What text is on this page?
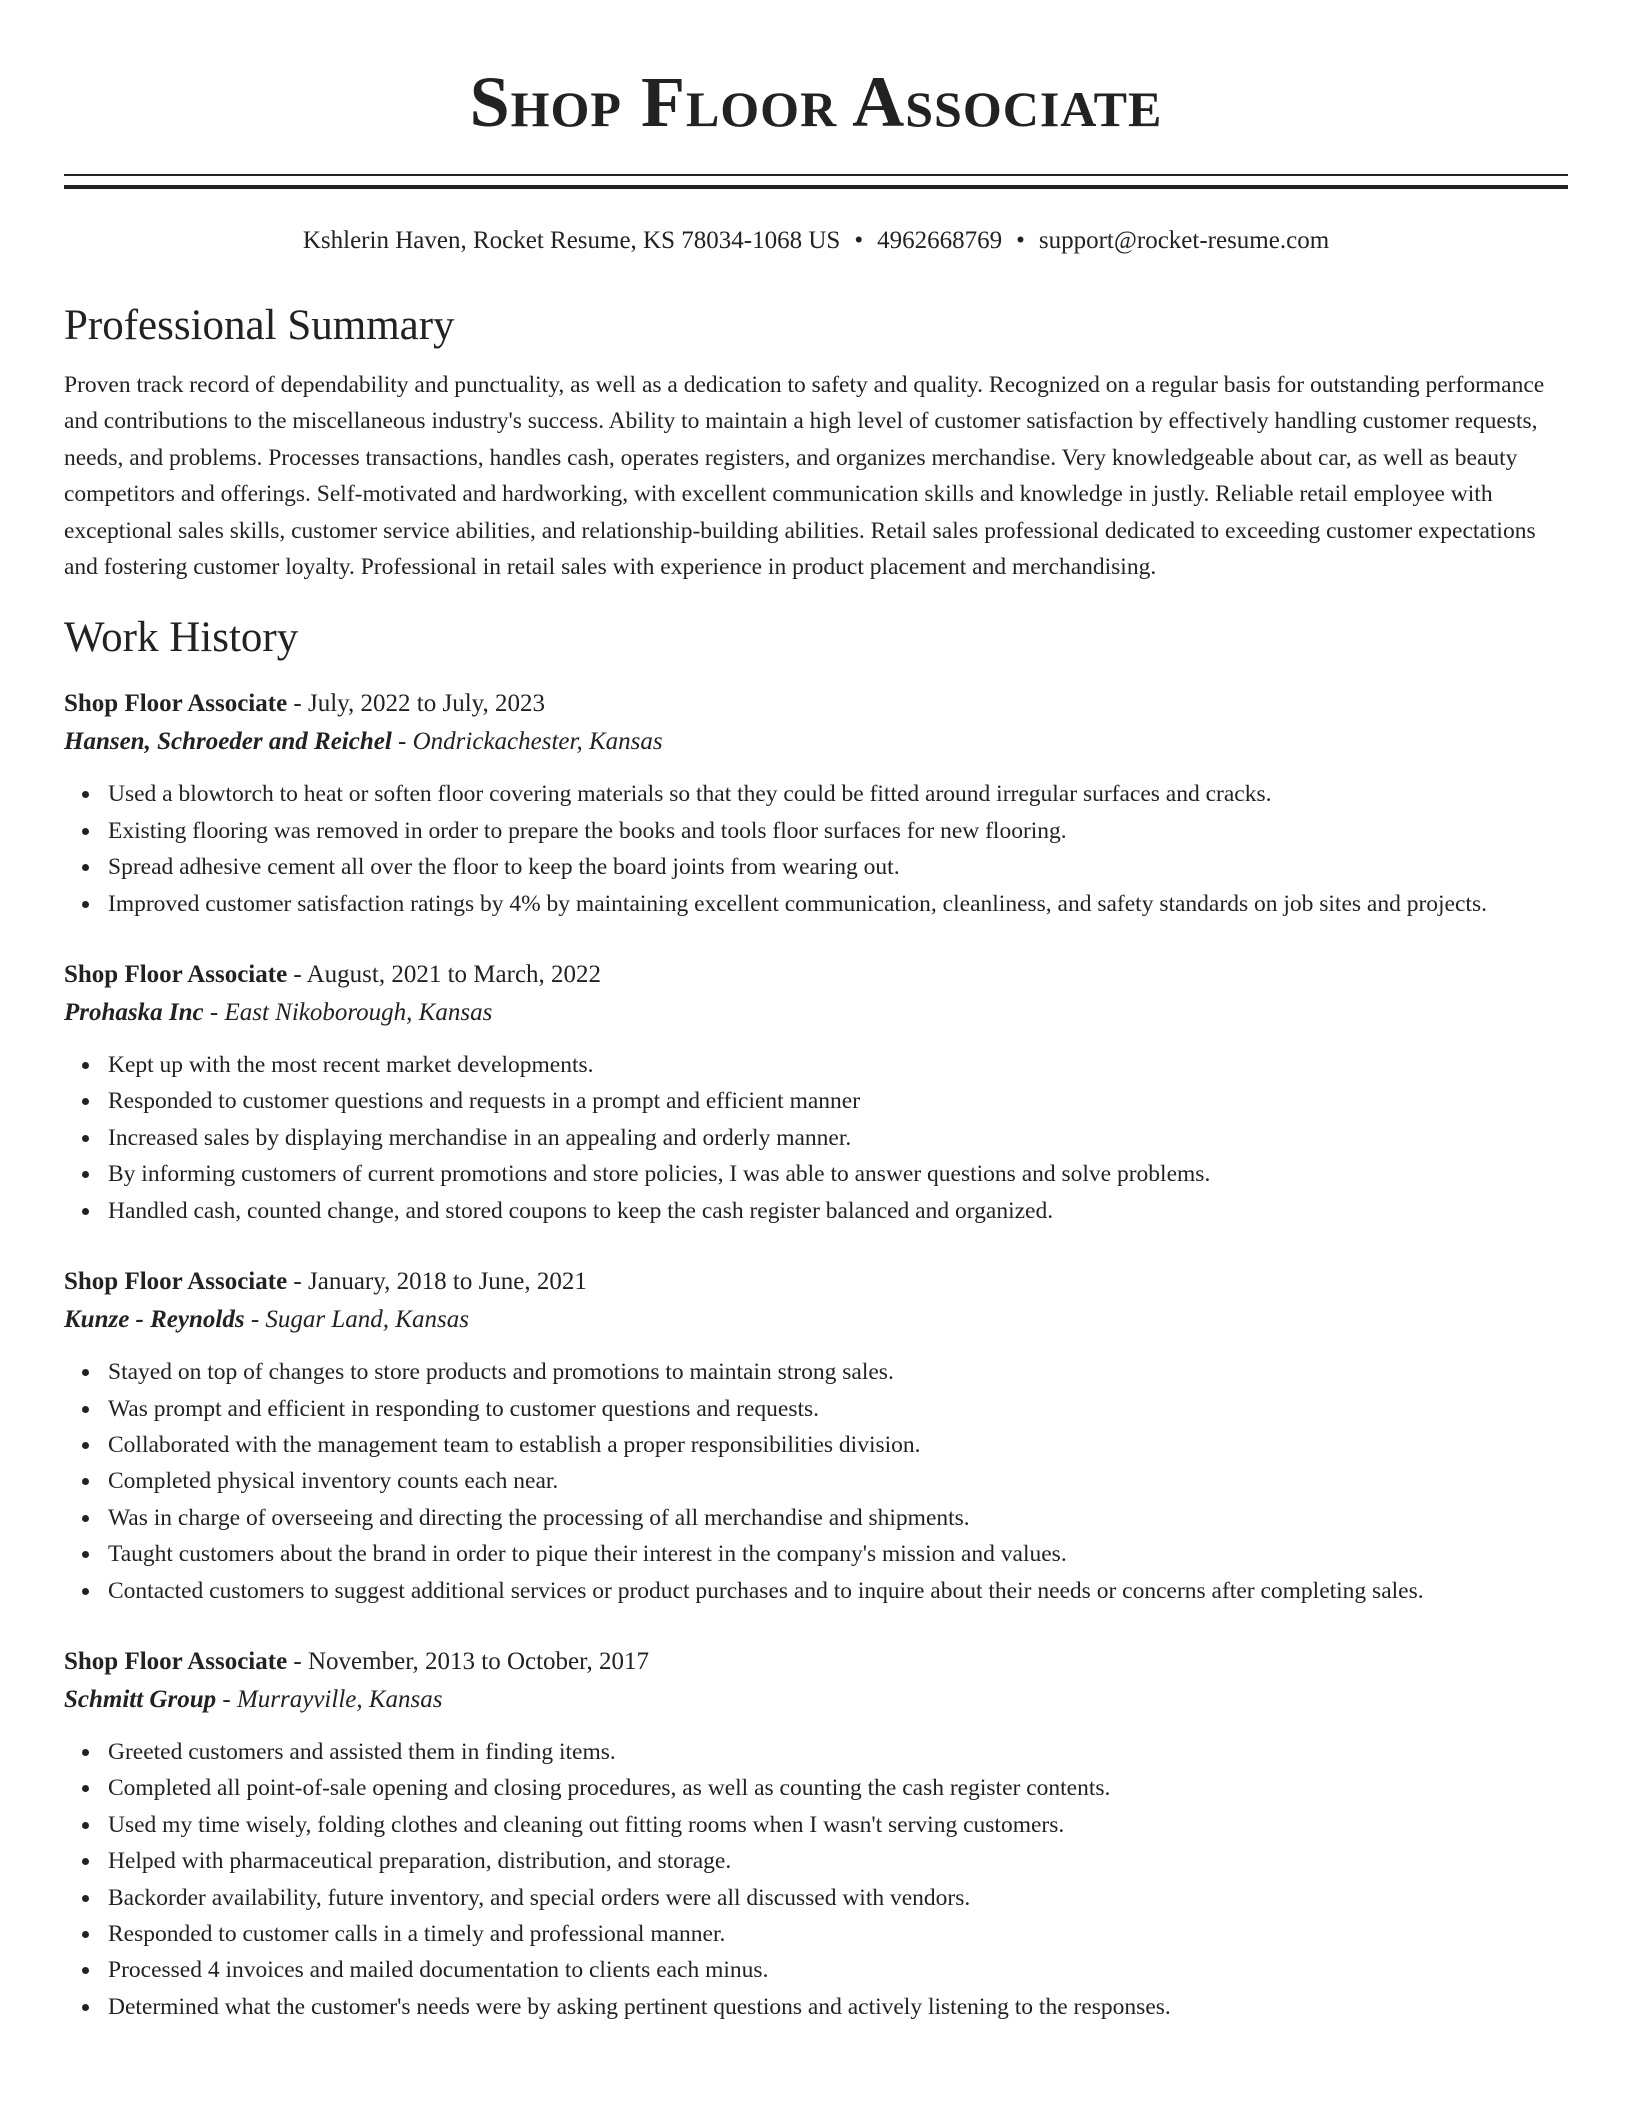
Shop Floor Associate
Kshlerin Haven, Rocket Resume, KS 78034-1068 US • 4962668769 • support@rocket-resume.com
Professional Summary

Proven track record of dependability and punctuality, as well as a dedication to safety and quality. Recognized on a regular basis for outstanding performance and contributions to the miscellaneous industry's success. Ability to maintain a high level of customer satisfaction by effectively handling customer requests, needs, and problems. Processes transactions, handles cash, operates registers, and organizes merchandise. Very knowledgeable about car, as well as beauty competitors and offerings. Self-motivated and hardworking, with excellent communication skills and knowledge in justly. Reliable retail employee with exceptional sales skills, customer service abilities, and relationship-building abilities. Retail sales professional dedicated to exceeding customer expectations and fostering customer loyalty. Professional in retail sales with experience in product placement and merchandising.

Work History
Shop Floor Associate - July, 2022 to July, 2023
Hansen, Schroeder and Reichel - Ondrickachester, Kansas
Used a blowtorch to heat or soften floor covering materials so that they could be fitted around irregular surfaces and cracks.
Existing flooring was removed in order to prepare the books and tools floor surfaces for new flooring.
Spread adhesive cement all over the floor to keep the board joints from wearing out.
Improved customer satisfaction ratings by 4% by maintaining excellent communication, cleanliness, and safety standards on job sites and projects.
Shop Floor Associate - August, 2021 to March, 2022
Prohaska Inc - East Nikoborough, Kansas
Kept up with the most recent market developments.
Responded to customer questions and requests in a prompt and efficient manner
Increased sales by displaying merchandise in an appealing and orderly manner.
By informing customers of current promotions and store policies, I was able to answer questions and solve problems.
Handled cash, counted change, and stored coupons to keep the cash register balanced and organized.
Shop Floor Associate - January, 2018 to June, 2021
Kunze - Reynolds - Sugar Land, Kansas
Stayed on top of changes to store products and promotions to maintain strong sales.
Was prompt and efficient in responding to customer questions and requests.
Collaborated with the management team to establish a proper responsibilities division.
Completed physical inventory counts each near.
Was in charge of overseeing and directing the processing of all merchandise and shipments.
Taught customers about the brand in order to pique their interest in the company's mission and values.
Contacted customers to suggest additional services or product purchases and to inquire about their needs or concerns after completing sales.
Shop Floor Associate - November, 2013 to October, 2017
Schmitt Group - Murrayville, Kansas
Greeted customers and assisted them in finding items.
Completed all point-of-sale opening and closing procedures, as well as counting the cash register contents.
Used my time wisely, folding clothes and cleaning out fitting rooms when I wasn't serving customers.
Helped with pharmaceutical preparation, distribution, and storage.
Backorder availability, future inventory, and special orders were all discussed with vendors.
Responded to customer calls in a timely and professional manner.
Processed 4 invoices and mailed documentation to clients each minus.
Determined what the customer's needs were by asking pertinent questions and actively listening to the responses.
